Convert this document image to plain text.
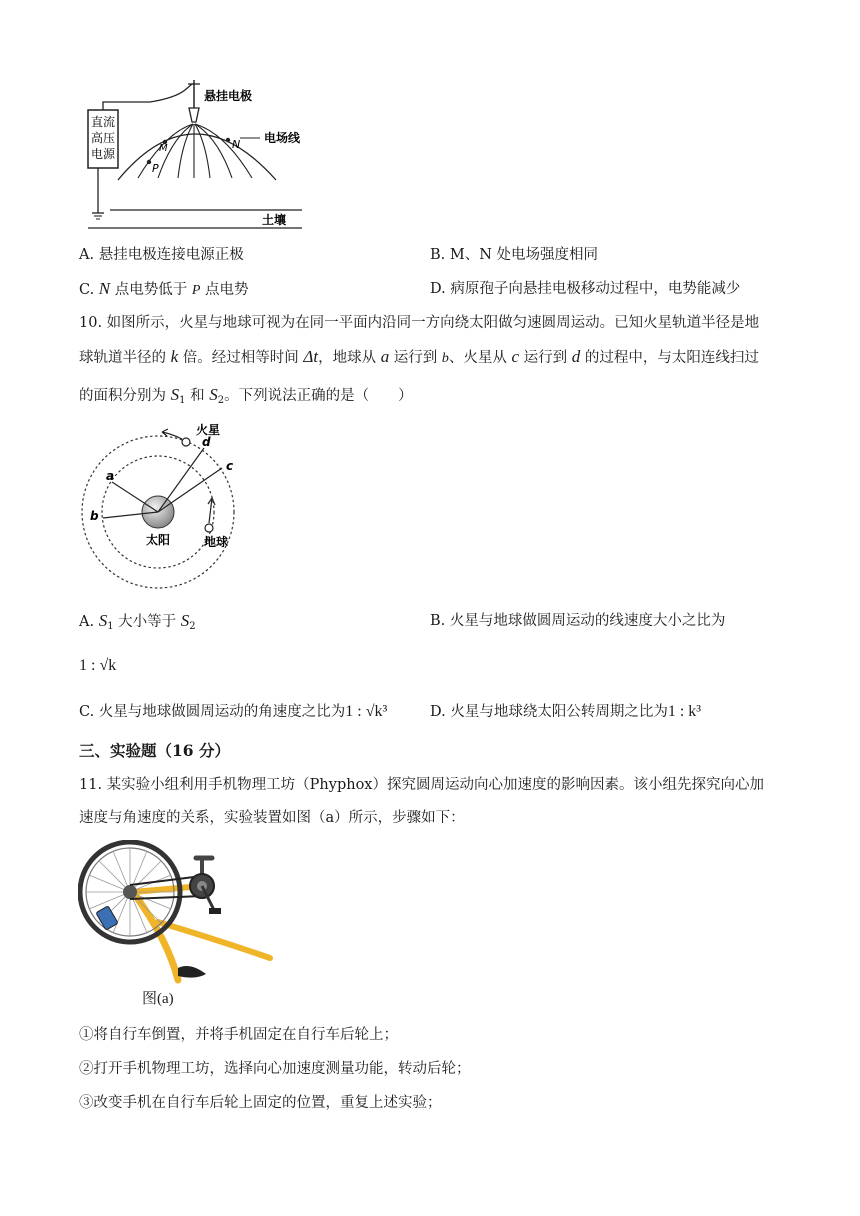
直流
高压
电源
悬挂电极
电场线
P
M	N
土壤
A. 悬挂电极连接电源正极	B. M、N 处电场强度相同
C. N 点电势低于 P 点电势	D. 病原孢子向悬挂电极移动过程中，电势能减少
10. 如图所示，火星与地球可视为在同一平面内沿同一方向绕太阳做匀速圆周运动。已知火星轨道半径是地
球轨道半径的 k 倍。经过相等时间 Δt，地球从 a 运行到 b、火星从 c 运行到 d 的过程中，与太阳连线扫过
的面积分别为 $S_1$ 和 $S_2$。下列说法正确的是（　　）
太阳
a
b
d
c
火星
地球
A. $S_1$ 大小等于 $S_2$	B. 火星与地球做圆周运动的线速度大小之比为
1 : √k
C. 火星与地球做圆周运动的角速度之比为1 : √k³	D. 火星与地球绕太阳公转周期之比为1 : k³
三、实验题（16 分）
11. 某实验小组利用手机物理工坊（Phyphox）探究圆周运动向心加速度的影响因素。该小组先探究向心加
速度与角速度的关系，实验装置如图（a）所示，步骤如下：
图(a)
①将自行车倒置，并将手机固定在自行车后轮上；
②打开手机物理工坊，选择向心加速度测量功能，转动后轮；
③改变手机在自行车后轮上固定的位置，重复上述实验；
